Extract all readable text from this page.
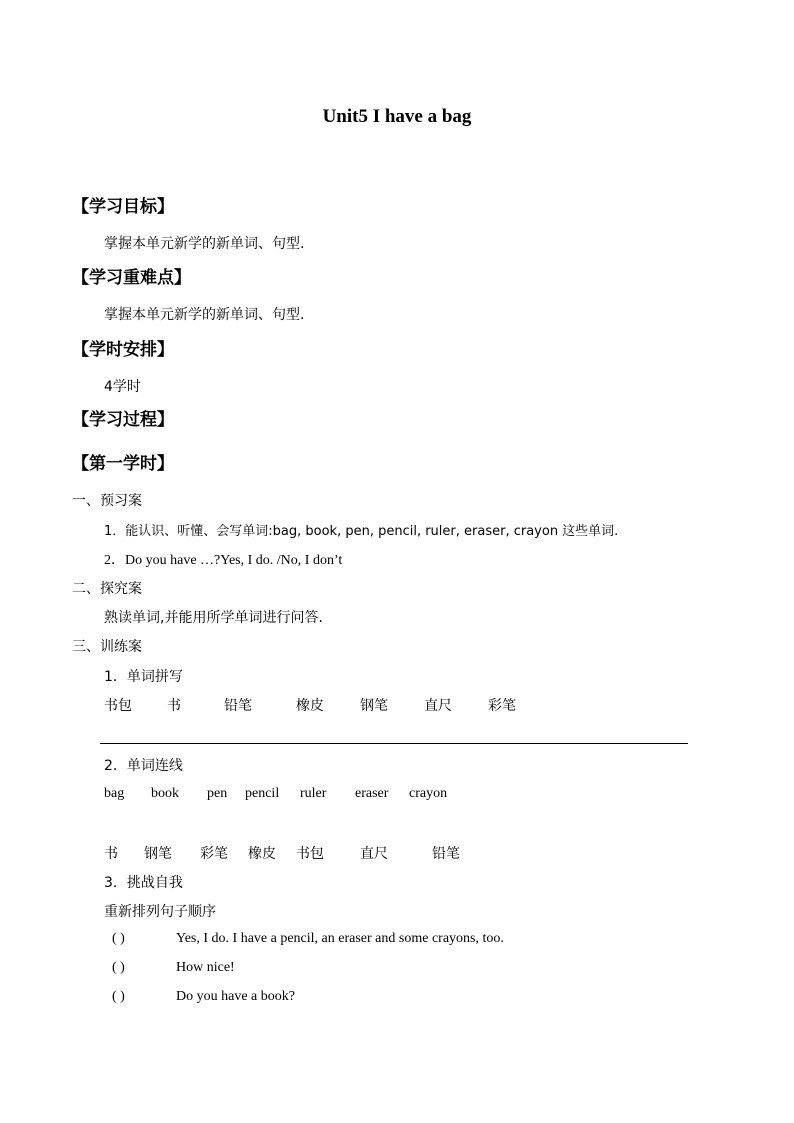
Unit5 I have a bag
【学习目标】
掌握本单元新学的新单词、句型.
【学习重难点】
掌握本单元新学的新单词、句型.
【学时安排】
4学时
【学习过程】
【第一学时】
一、预习案
1．能认识、听懂、会写单词:bag, book, pen, pencil, ruler, eraser, crayon 这些单词.
2．Do you have …?Yes, I do. /No, I don’t
二、探究案
熟读单词,并能用所学单词进行问答.
三、训练案
1．单词拼写
书包	书	铅笔	橡皮	钢笔	直尺	彩笔
2．单词连线
bag book pen pencil ruler eraser crayon
书 钢笔 彩笔 橡皮 书包	直尺	铅笔
3．挑战自我
重新排列句子顺序
( )	Yes, I do. I have a pencil, an eraser and some crayons, too.
( )	How nice!
( )	Do you have a book?
